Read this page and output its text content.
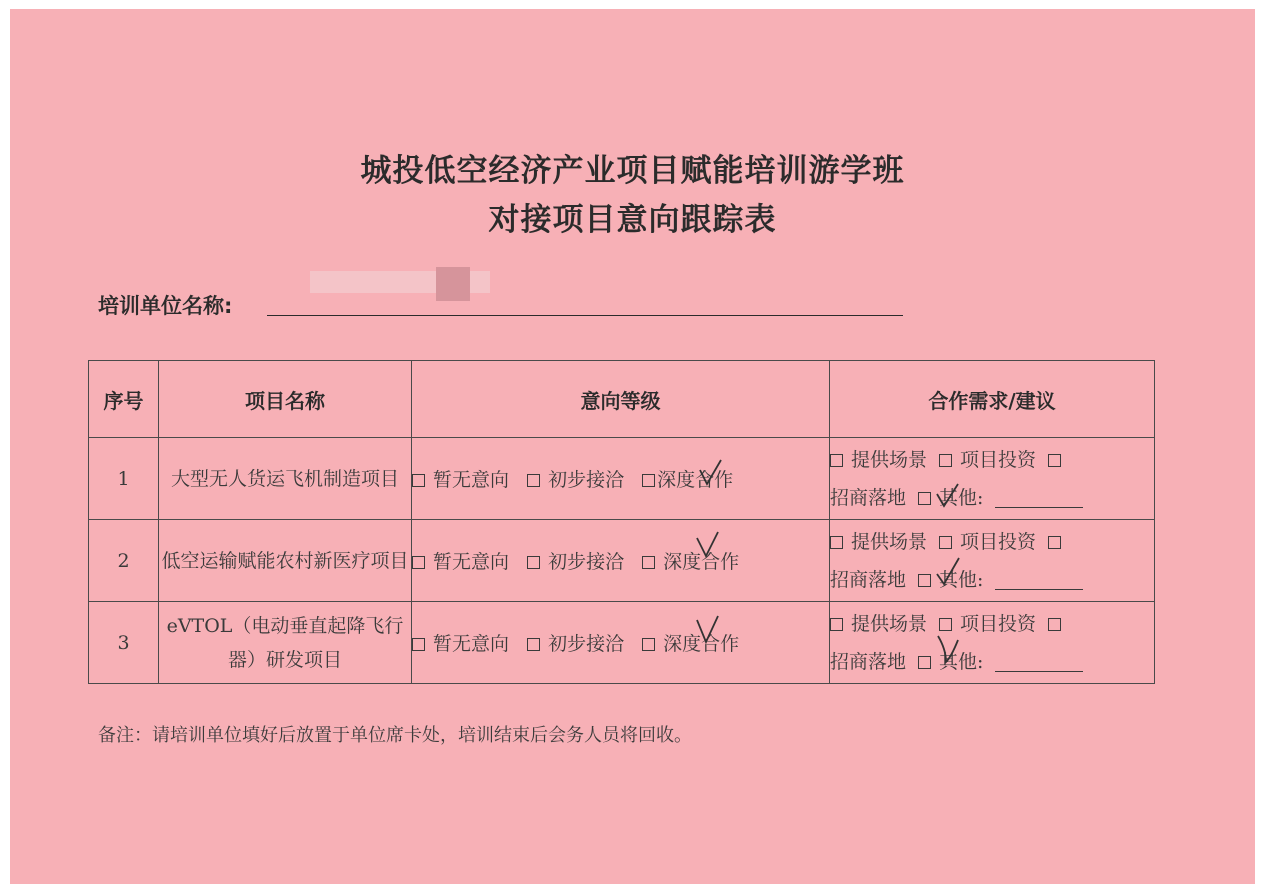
城投低空经济产业项目赋能培训游学班
对接项目意向跟踪表
培训单位名称:
序号	项目名称	意向等级	合作需求/建议
1	大型无人货运飞机制造项目	暂无意向 初步接洽 深度合作	提供场景 项目投资
招商落地 其他:

2	低空运输赋能农村新医疗项目	暂无意向 初步接洽 深度合作	提供场景 项目投资
招商落地 其他:

3	eVTOL（电动垂直起降飞行器）研发项目	暂无意向 初步接洽 深度合作	提供场景 项目投资
招商落地 其他:
备注：请培训单位填好后放置于单位席卡处，培训结束后会务人员将回收。
